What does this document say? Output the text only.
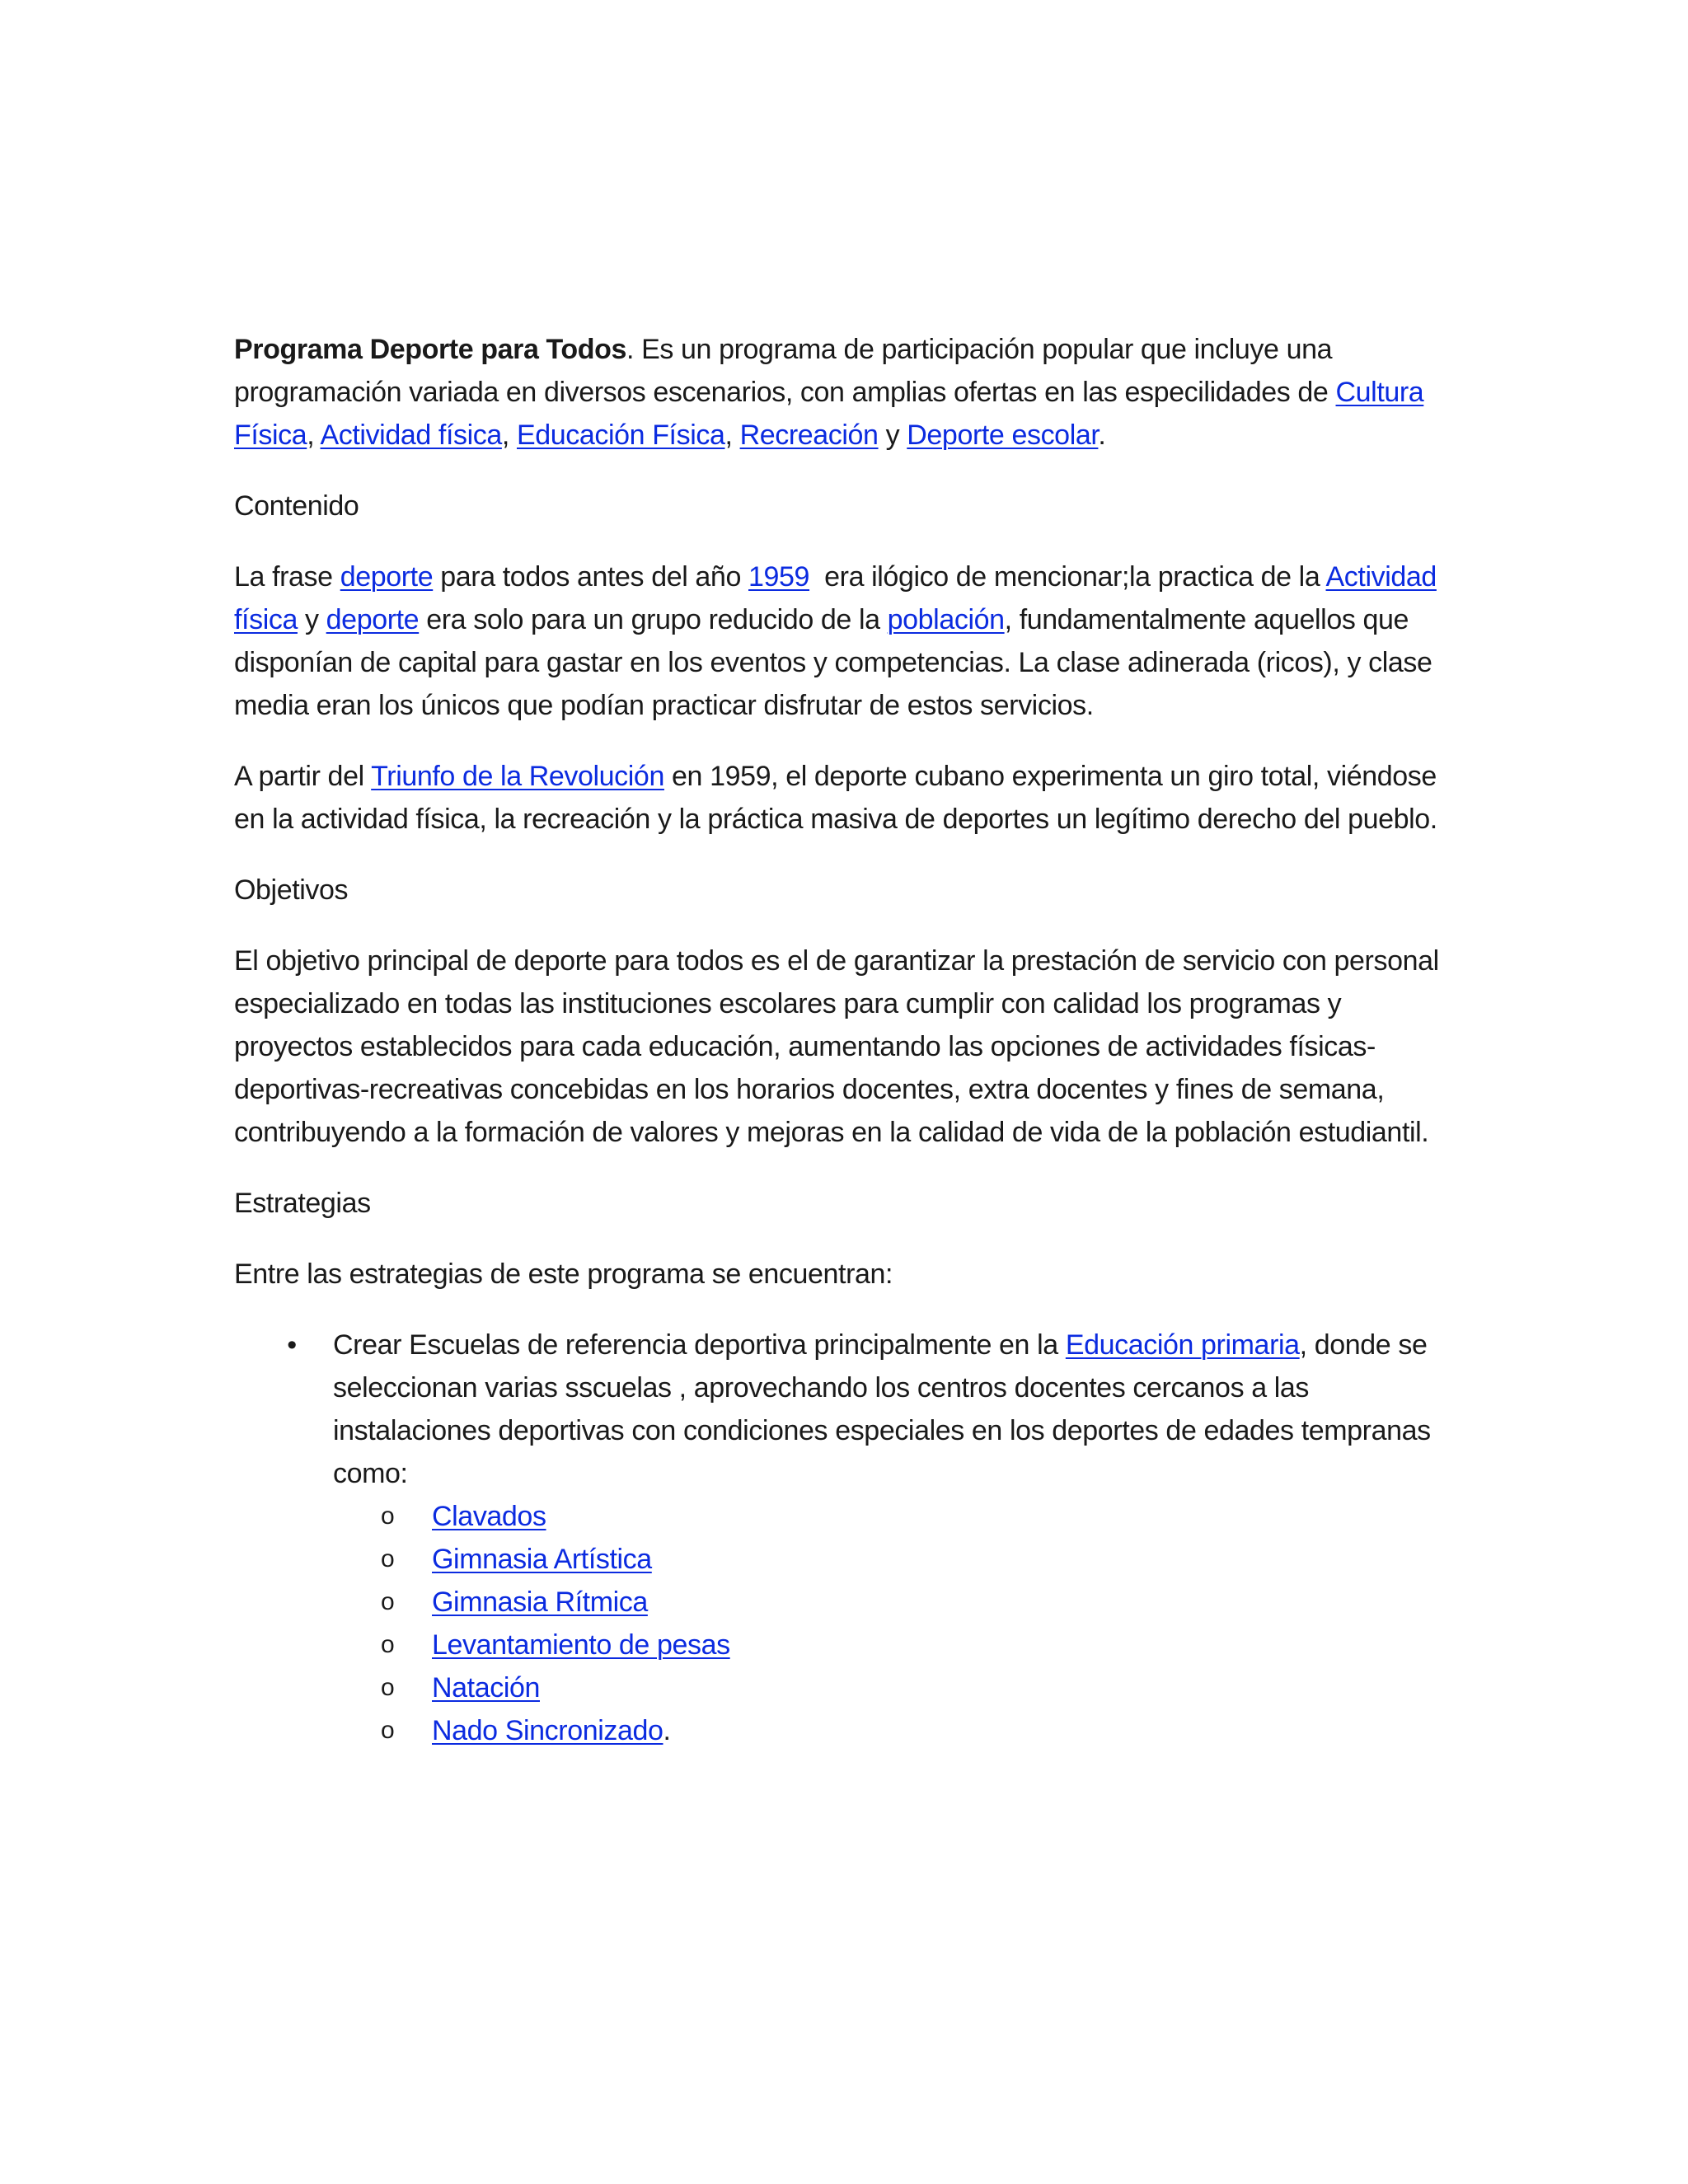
Programa Deporte para Todos. Es un programa de participación popular que incluye una programación variada en diversos escenarios, con amplias ofertas en las especilidades de Cultura Física, Actividad física, Educación Física, Recreación y Deporte escolar.

Contenido

La frase deporte para todos antes del año 1959  era ilógico de mencionar;la practica de la Actividad física y deporte era solo para un grupo reducido de la población, fundamentalmente aquellos que disponían de capital para gastar en los eventos y competencias. La clase adinerada (ricos), y clase media eran los únicos que podían practicar disfrutar de estos servicios.

A partir del Triunfo de la Revolución en 1959, el deporte cubano experimenta un giro total, viéndose en la actividad física, la recreación y la práctica masiva de deportes un legítimo derecho del pueblo.

Objetivos

El objetivo principal de deporte para todos es el de garantizar la prestación de servicio con personal especializado en todas las instituciones escolares para cumplir con calidad los programas y proyectos establecidos para cada educación, aumentando las opciones de actividades físicas- deportivas-recreativas concebidas en los horarios docentes, extra docentes y fines de semana, contribuyendo a la formación de valores y mejoras en la calidad de vida de la población estudiantil.

Estrategias

Entre las estrategias de este programa se encuentran:

• Crear Escuelas de referencia deportiva principalmente en la Educación primaria, donde se seleccionan varias sscuelas , aprovechando los centros docentes cercanos a las instalaciones deportivas con condiciones especiales en los deportes de edades tempranas como:
o Clavados
o Gimnasia Artística
o Gimnasia Rítmica
o Levantamiento de pesas
o Natación
o Nado Sincronizado.
